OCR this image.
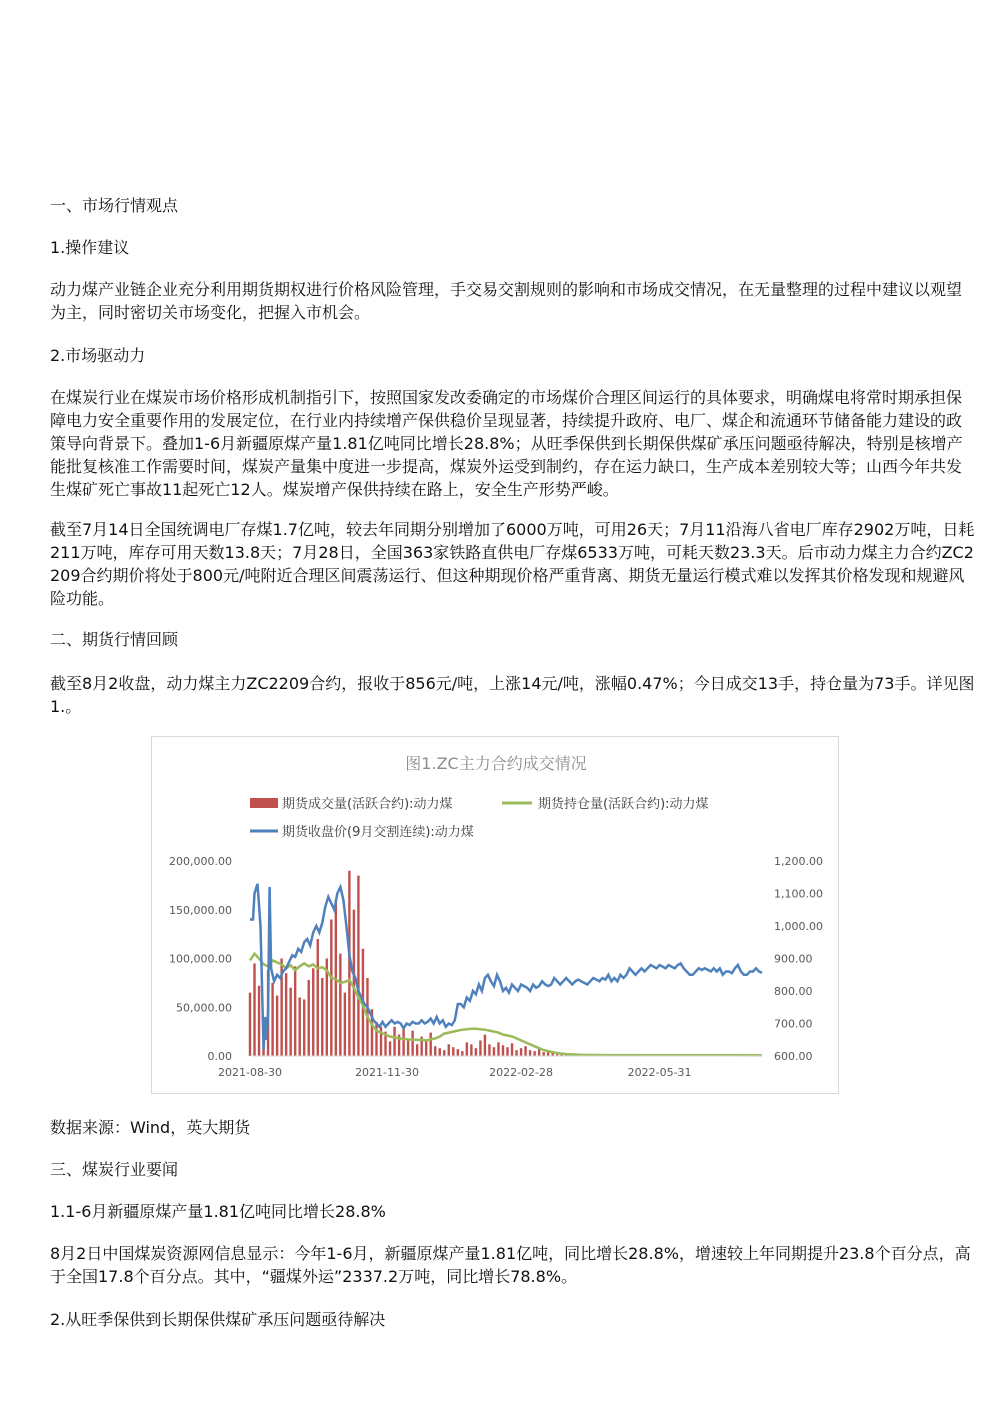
一、市场行情观点

1.操作建议

动力煤产业链企业充分利用期货期权进行价格风险管理，手交易交割规则的影响和市场成交情况，在无量整理的过程中建议以观望为主，同时密切关市场变化，把握入市机会。

2.市场驱动力

在煤炭行业在煤炭市场价格形成机制指引下，按照国家发改委确定的市场煤价合理区间运行的具体要求，明确煤电将常时期承担保障电力安全重要作用的发展定位，在行业内持续增产保供稳价呈现显著，持续提升政府、电厂、煤企和流通环节储备能力建设的政策导向背景下。叠加1-6月新疆原煤产量1.81亿吨同比增长28.8%；从旺季保供到长期保供煤矿承压问题亟待解决，特别是核增产能批复核准工作需要时间，煤炭产量集中度进一步提高，煤炭外运受到制约，存在运力缺口，生产成本差别较大等；山西今年共发生煤矿死亡事故11起死亡12人。煤炭增产保供持续在路上，安全生产形势严峻。

截至7月14日全国统调电厂存煤1.7亿吨，较去年同期分别增加了6000万吨，可用26天；7月11沿海八省电厂库存2902万吨，日耗211万吨，库存可用天数13.8天；7月28日，全国363家铁路直供电厂存煤6533万吨，可耗天数23.3天。后市动力煤主力合约ZC2209合约期价将处于800元/吨附近合理区间震荡运行、但这种期现价格严重背离、期货无量运行模式难以发挥其价格发现和规避风险功能。

二、期货行情回顾

截至8月2收盘，动力煤主力ZC2209合约，报收于856元/吨，上涨14元/吨，涨幅0.47%；今日成交13手，持仓量为73手。详见图1.。

图1.ZC主力合约成交情况
期货成交量(活跃合约):动力煤	期货持仓量(活跃合约):动力煤
期货收盘价(9月交割连续):动力煤
200,000.00
150,000.00
100,000.00
50,000.00
0.00
1,200.00
1,100.00
1,000.00
900.00
800.00
700.00
600.00
2021-08-30	2021-11-30	2022-02-28	2022-05-31

数据来源：Wind，英大期货

三、煤炭行业要闻

1.1-6月新疆原煤产量1.81亿吨同比增长28.8%

8月2日中国煤炭资源网信息显示：今年1-6月，新疆原煤产量1.81亿吨，同比增长28.8%，增速较上年同期提升23.8个百分点，高于全国17.8个百分点。其中，“疆煤外运”2337.2万吨，同比增长78.8%。

2.从旺季保供到长期保供煤矿承压问题亟待解决
